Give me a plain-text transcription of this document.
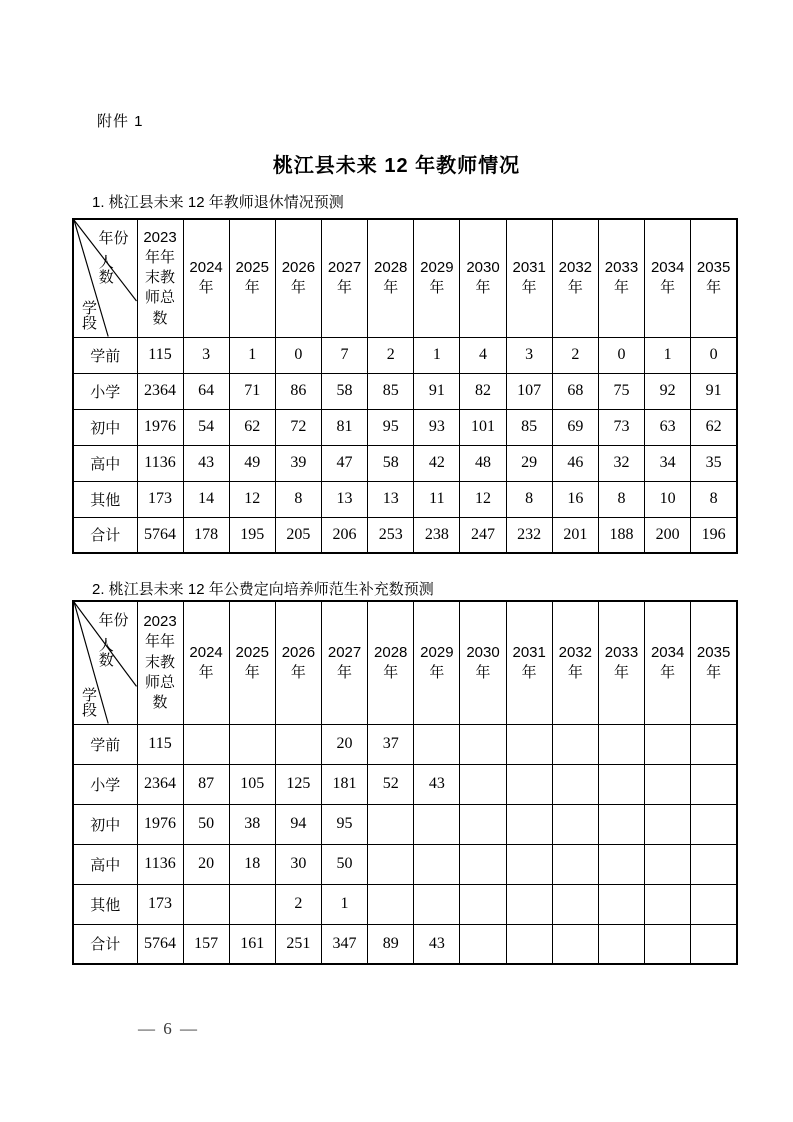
附件 1
桃江县未来 12 年教师情况
1. 桃江县未来 12 年教师退休情况预测
年份
人数
学段	2023年年末教师总数	2024年	2025年	2026年	2027年	2028年	2029年	2030年	2031年	2032年	2033年	2034年	2035年
学前	115	3	1	0	7	2	1	4	3	2	0	1	0
小学	2364	64	71	86	58	85	91	82	107	68	75	92	91
初中	1976	54	62	72	81	95	93	101	85	69	73	63	62
高中	1136	43	49	39	47	58	42	48	29	46	32	34	35
其他	173	14	12	8	13	13	11	12	8	16	8	10	8
合计	5764	178	195	205	206	253	238	247	232	201	188	200	196
2. 桃江县未来 12 年公费定向培养师范生补充数预测
年份
人数
学段	2023年年末教师总数	2024年	2025年	2026年	2027年	2028年	2029年	2030年	2031年	2032年	2033年	2034年	2035年
学前	115				20	37							
小学	2364	87	105	125	181	52	43						
初中	1976	50	38	94	95								
高中	1136	20	18	30	50								
其他	173			2	1								
合计	5764	157	161	251	347	89	43						
— 6 —
